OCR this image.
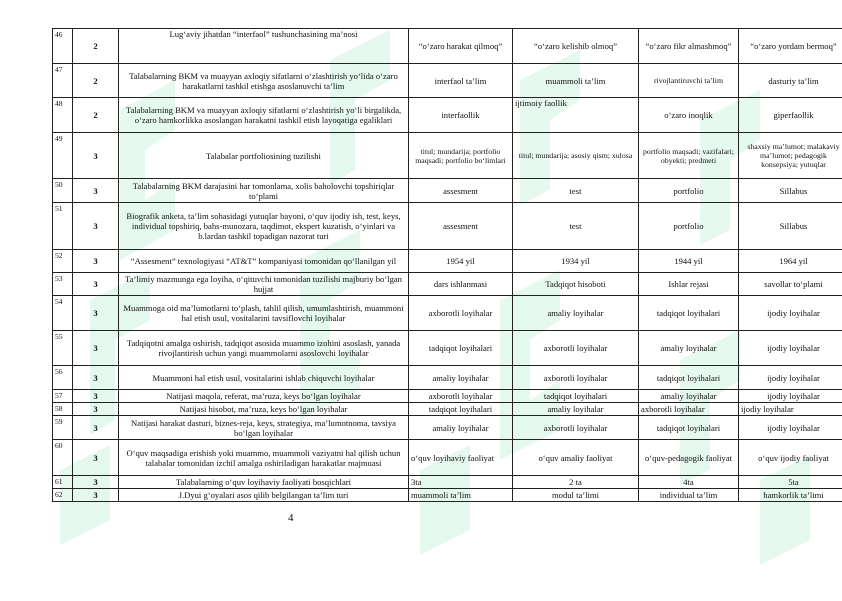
46	2	Lug‘aviy jihatdan “interfaol” tushunchasining ma’nosi	“o‘zaro harakat qilmoq”	“o‘zaro kelishib olmoq”	“o‘zaro fikr almashmoq”	“o‘zaro yordam bermoq”
47	2	Talabalarning BKM va muayyan axloqiy sifatlarni o‘zlashtirish yo‘lida o‘zaro harakatlarni tashkil etishga asoslanuvchi ta’lim	interfaol ta’lim	muammoli ta’lim	rivojlantiruvchi ta’lim	dasturiy ta’lim
48	2	Talabalarning BKM va muayyan axloqiy sifatlarni o‘zlashtirish yo‘li birgalikda, o‘zaro hamkorlikka asoslangan harakatni tashkil etish layoqatiga egaliklari	interfaollik	ijtimoiy faollik	o‘zaro inoqlik	giperfaollik
49	3	Talabalar portfoliosining tuzilishi	titul; mundarija; portfolio maqsadi; portfolio bo‘limlari	titul; mundarija; asosiy qism; xulosa	portfolio maqsadi; vazifalari; obyekti; predmeti	shaxsiy ma’lumot; malakaviy ma’lumot; pedagogik konsepsiya; yutuqlar
50	3	Talabalarning BKM darajasini har tomonlama, xolis baholovchi topshiriqlar to‘plami	assesment	test	portfolio	Sillabus
51	3	Biografik anketa, ta’lim sohasidagi yutuqlar bayoni, o‘quv ijodiy ish, test, keys, individual topshiriq, bahs-munozara, taqdimot, ekspert kuzatish, o‘yinlari va b.lardan tashkil topadigan nazorat turi	assesment	test	portfolio	Sillabus
52	3	“Assesment” texnologiyasi “AT&T” kompaniyasi tomonidan qo‘llanilgan yil	1954 yil	1934 yil	1944 yil	1964 yil
53	3	Ta’limiy mazmunga ega loyiha, o‘qituvchi tomonidan tuzilishi majburiy bo‘lgan hujjat	dars ishlanmasi	Tadqiqot hisoboti	Ishlar rejasi	savollar to‘plami
54	3	Muammoga oid ma’lumotlarni to‘plash, tahlil qilish, umumlashtirish, muammoni hal etish usul, vositalarini tavsiflovchi loyihalar	axborotli loyihalar	amaliy loyihalar	tadqiqot loyihalari	ijodiy loyihalar
55	3	Tadqiqotni amalga oshirish, tadqiqot asosida muammo izohini asoslash, yanada rivojlantirish uchun yangi muammolarni asoslovchi loyihalar	tadqiqot loyihalari	axborotli loyihalar	amaliy loyihalar	ijodiy loyihalar
56	3	Muammoni hal etish usul, vositalarini ishlab chiquvchi loyihalar	amaliy loyihalar	axborotli loyihalar	tadqiqot loyihalari	ijodiy loyihalar
57	3	Natijasi maqola, referat, ma’ruza, keys bo‘lgan loyihalar	axborotli loyihalar	tadqiqot loyihalari	amaliy loyihalar	ijodiy loyihalar
58	3	Natijasi hisobot, ma’ruza, keys bo‘lgan loyihalar	tadqiqot loyihalari	amaliy loyihalar	axborotli loyihalar	ijodiy loyihalar
59	3	Natijasi harakat dasturi, biznes-reja, keys, strategiya, ma’lumotnoma, tavsiya bo‘lgan loyihalar	amaliy loyihalar	axborotli loyihalar	tadqiqot loyihalari	ijodiy loyihalar
60	3	O‘quv maqsadiga erishish yoki muammo, muammoli vaziyatni hal qilish uchun talabalar tomonidan izchil amalga oshiriladigan harakatlar majmuasi	o‘quv loyihaviy faoliyat	o‘quv amaliy faoliyat	o‘quv-pedagogik faoliyat	o‘quv ijodiy faoliyat
61	3	Talabalarning o‘quv loyihaviy faoliyati bosqichlari	3ta	2 ta	4ta	5ta
62	3	J.Dyui g‘oyalari asos qilib belgilangan ta’lim turi	muammoli ta’lim	modul ta’limi	individual ta’lim	hamkorlik ta’limi
4
